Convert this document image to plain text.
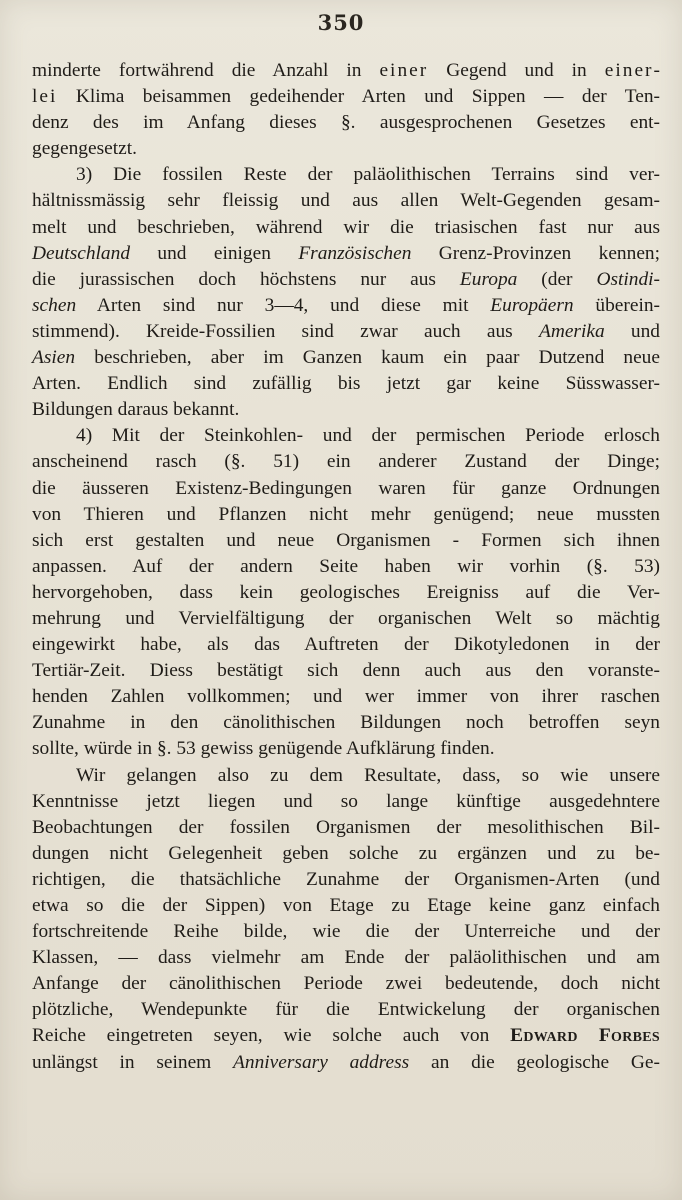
350
minderte fortwährend die Anzahl in einer Gegend und in einer-
lei Klima beisammen gedeihender Arten und Sippen — der Ten-
denz des im Anfang dieses §. ausgesprochenen Gesetzes ent-
gegengesetzt.
3) Die fossilen Reste der paläolithischen Terrains sind ver-
hältnissmässig sehr fleissig und aus allen Welt-Gegenden gesam-
melt und beschrieben, während wir die triasischen fast nur aus
Deutschland und einigen Französischen Grenz-Provinzen kennen;
die jurassischen doch höchstens nur aus Europa (der Ostindi-
schen Arten sind nur 3—4, und diese mit Europäern überein-
stimmend). Kreide-Fossilien sind zwar auch aus Amerika und
Asien beschrieben, aber im Ganzen kaum ein paar Dutzend neue
Arten. Endlich sind zufällig bis jetzt gar keine Süsswasser-
Bildungen daraus bekannt.
4) Mit der Steinkohlen- und der permischen Periode erlosch
anscheinend rasch (§. 51) ein anderer Zustand der Dinge;
die äusseren Existenz-Bedingungen waren für ganze Ordnungen
von Thieren und Pflanzen nicht mehr genügend; neue mussten
sich erst gestalten und neue Organismen - Formen sich ihnen
anpassen. Auf der andern Seite haben wir vorhin (§. 53)
hervorgehoben, dass kein geologisches Ereigniss auf die Ver-
mehrung und Vervielfältigung der organischen Welt so mächtig
eingewirkt habe, als das Auftreten der Dikotyledonen in der
Tertiär-Zeit. Diess bestätigt sich denn auch aus den voranste-
henden Zahlen vollkommen; und wer immer von ihrer raschen
Zunahme in den cänolithischen Bildungen noch betroffen seyn
sollte, würde in §. 53 gewiss genügende Aufklärung finden.
Wir gelangen also zu dem Resultate, dass, so wie unsere
Kenntnisse jetzt liegen und so lange künftige ausgedehntere
Beobachtungen der fossilen Organismen der mesolithischen Bil-
dungen nicht Gelegenheit geben solche zu ergänzen und zu be-
richtigen, die thatsächliche Zunahme der Organismen-Arten (und
etwa so die der Sippen) von Etage zu Etage keine ganz einfach
fortschreitende Reihe bilde, wie die der Unterreiche und der
Klassen, — dass vielmehr am Ende der paläolithischen und am
Anfange der cänolithischen Periode zwei bedeutende, doch nicht
plötzliche, Wendepunkte für die Entwickelung der organischen
Reiche eingetreten seyen, wie solche auch von Edward Forbes
unlängst in seinem Anniversary address an die geologische Ge-
